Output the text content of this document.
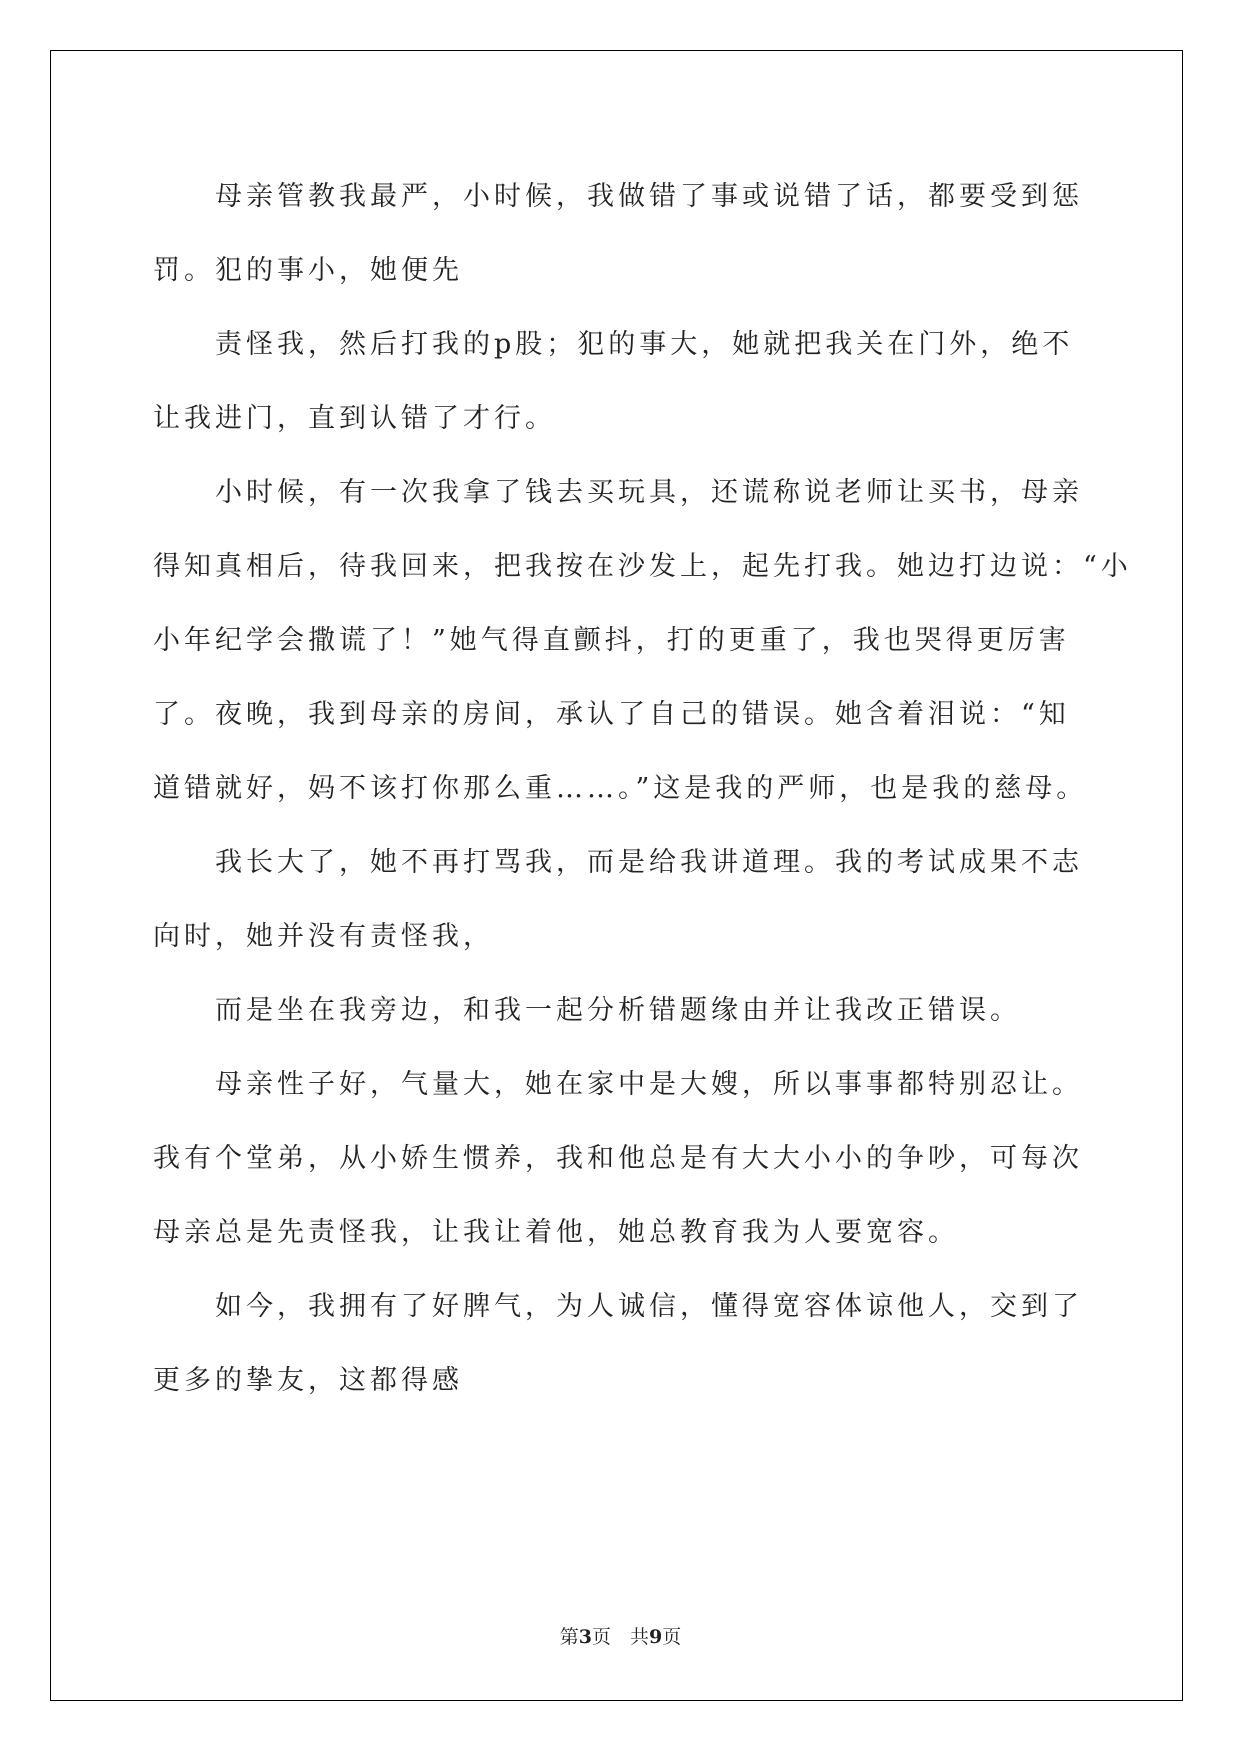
母亲管教我最严，小时候，我做错了事或说错了话，都要受到惩

罚。犯的事小，她便先

责怪我，然后打我的p股；犯的事大，她就把我关在门外，绝不

让我进门，直到认错了才行。

小时候，有一次我拿了钱去买玩具，还谎称说老师让买书，母亲

得知真相后，待我回来，把我按在沙发上，起先打我。她边打边说：“小

小年纪学会撒谎了！”她气得直颤抖，打的更重了，我也哭得更厉害

了。夜晚，我到母亲的房间，承认了自己的错误。她含着泪说：“知

道错就好，妈不该打你那么重……。”这是我的严师，也是我的慈母。

我长大了，她不再打骂我，而是给我讲道理。我的考试成果不志

向时，她并没有责怪我，

而是坐在我旁边，和我一起分析错题缘由并让我改正错误。

母亲性子好，气量大，她在家中是大嫂，所以事事都特别忍让。

我有个堂弟，从小娇生惯养，我和他总是有大大小小的争吵，可每次

母亲总是先责怪我，让我让着他，她总教育我为人要宽容。

如今，我拥有了好脾气，为人诚信，懂得宽容体谅他人，交到了

更多的挚友，这都得感

第3页　共9页
